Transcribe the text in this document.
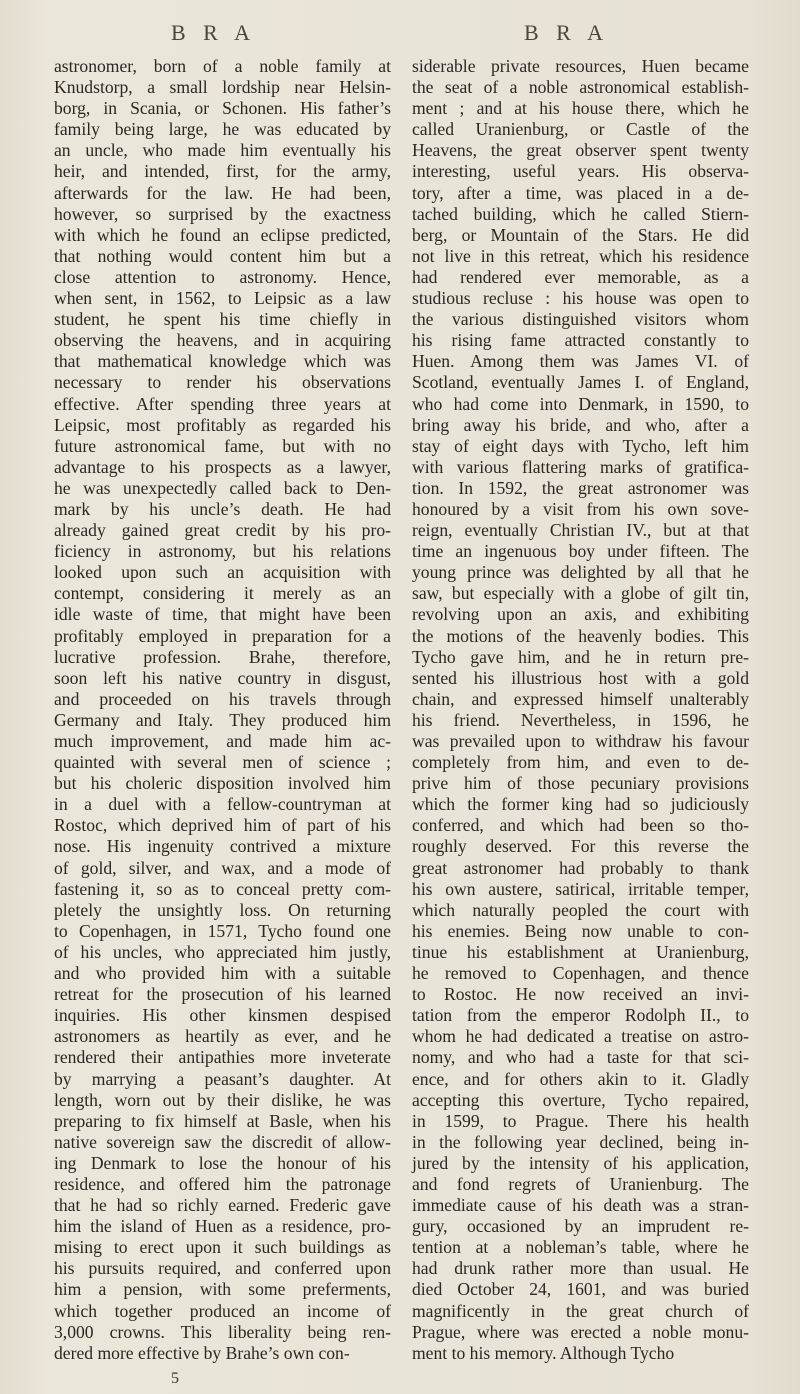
B R A	B R A
astronomer, born of a noble family at
Knudstorp, a small lordship near Helsin-
borg, in Scania, or Schonen. His father’s
family being large, he was educated by
an uncle, who made him eventually his
heir, and intended, first, for the army,
afterwards for the law. He had been,
however, so surprised by the exactness
with which he found an eclipse predicted,
that nothing would content him but a
close attention to astronomy. Hence,
when sent, in 1562, to Leipsic as a law
student, he spent his time chiefly in
observing the heavens, and in acquiring
that mathematical knowledge which was
necessary to render his observations
effective. After spending three years at
Leipsic, most profitably as regarded his
future astronomical fame, but with no
advantage to his prospects as a lawyer,
he was unexpectedly called back to Den-
mark by his uncle’s death. He had
already gained great credit by his pro-
ficiency in astronomy, but his relations
looked upon such an acquisition with
contempt, considering it merely as an
idle waste of time, that might have been
profitably employed in preparation for a
lucrative profession. Brahe, therefore,
soon left his native country in disgust,
and proceeded on his travels through
Germany and Italy. They produced him
much improvement, and made him ac-
quainted with several men of science ;
but his choleric disposition involved him
in a duel with a fellow-countryman at
Rostoc, which deprived him of part of his
nose. His ingenuity contrived a mixture
of gold, silver, and wax, and a mode of
fastening it, so as to conceal pretty com-
pletely the unsightly loss. On returning
to Copenhagen, in 1571, Tycho found one
of his uncles, who appreciated him justly,
and who provided him with a suitable
retreat for the prosecution of his learned
inquiries. His other kinsmen despised
astronomers as heartily as ever, and he
rendered their antipathies more inveterate
by marrying a peasant’s daughter. At
length, worn out by their dislike, he was
preparing to fix himself at Basle, when his
native sovereign saw the discredit of allow-
ing Denmark to lose the honour of his
residence, and offered him the patronage
that he had so richly earned. Frederic gave
him the island of Huen as a residence, pro-
mising to erect upon it such buildings as
his pursuits required, and conferred upon
him a pension, with some preferments,
which together produced an income of
3,000 crowns. This liberality being ren-
dered more effective by Brahe’s own con-
siderable private resources, Huen became
the seat of a noble astronomical establish-
ment ; and at his house there, which he
called Uranienburg, or Castle of the
Heavens, the great observer spent twenty
interesting, useful years. His observa-
tory, after a time, was placed in a de-
tached building, which he called Stiern-
berg, or Mountain of the Stars. He did
not live in this retreat, which his residence
had rendered ever memorable, as a
studious recluse : his house was open to
the various distinguished visitors whom
his rising fame attracted constantly to
Huen. Among them was James VI. of
Scotland, eventually James I. of England,
who had come into Denmark, in 1590, to
bring away his bride, and who, after a
stay of eight days with Tycho, left him
with various flattering marks of gratifica-
tion. In 1592, the great astronomer was
honoured by a visit from his own sove-
reign, eventually Christian IV., but at that
time an ingenuous boy under fifteen. The
young prince was delighted by all that he
saw, but especially with a globe of gilt tin,
revolving upon an axis, and exhibiting
the motions of the heavenly bodies. This
Tycho gave him, and he in return pre-
sented his illustrious host with a gold
chain, and expressed himself unalterably
his friend. Nevertheless, in 1596, he
was prevailed upon to withdraw his favour
completely from him, and even to de-
prive him of those pecuniary provisions
which the former king had so judiciously
conferred, and which had been so tho-
roughly deserved. For this reverse the
great astronomer had probably to thank
his own austere, satirical, irritable temper,
which naturally peopled the court with
his enemies. Being now unable to con-
tinue his establishment at Uranienburg,
he removed to Copenhagen, and thence
to Rostoc. He now received an invi-
tation from the emperor Rodolph II., to
whom he had dedicated a treatise on astro-
nomy, and who had a taste for that sci-
ence, and for others akin to it. Gladly
accepting this overture, Tycho repaired,
in 1599, to Prague. There his health
in the following year declined, being in-
jured by the intensity of his application,
and fond regrets of Uranienburg. The
immediate cause of his death was a stran-
gury, occasioned by an imprudent re-
tention at a nobleman’s table, where he
had drunk rather more than usual. He
died October 24, 1601, and was buried
magnificently in the great church of
Prague, where was erected a noble monu-
ment to his memory. Although Tycho
5
